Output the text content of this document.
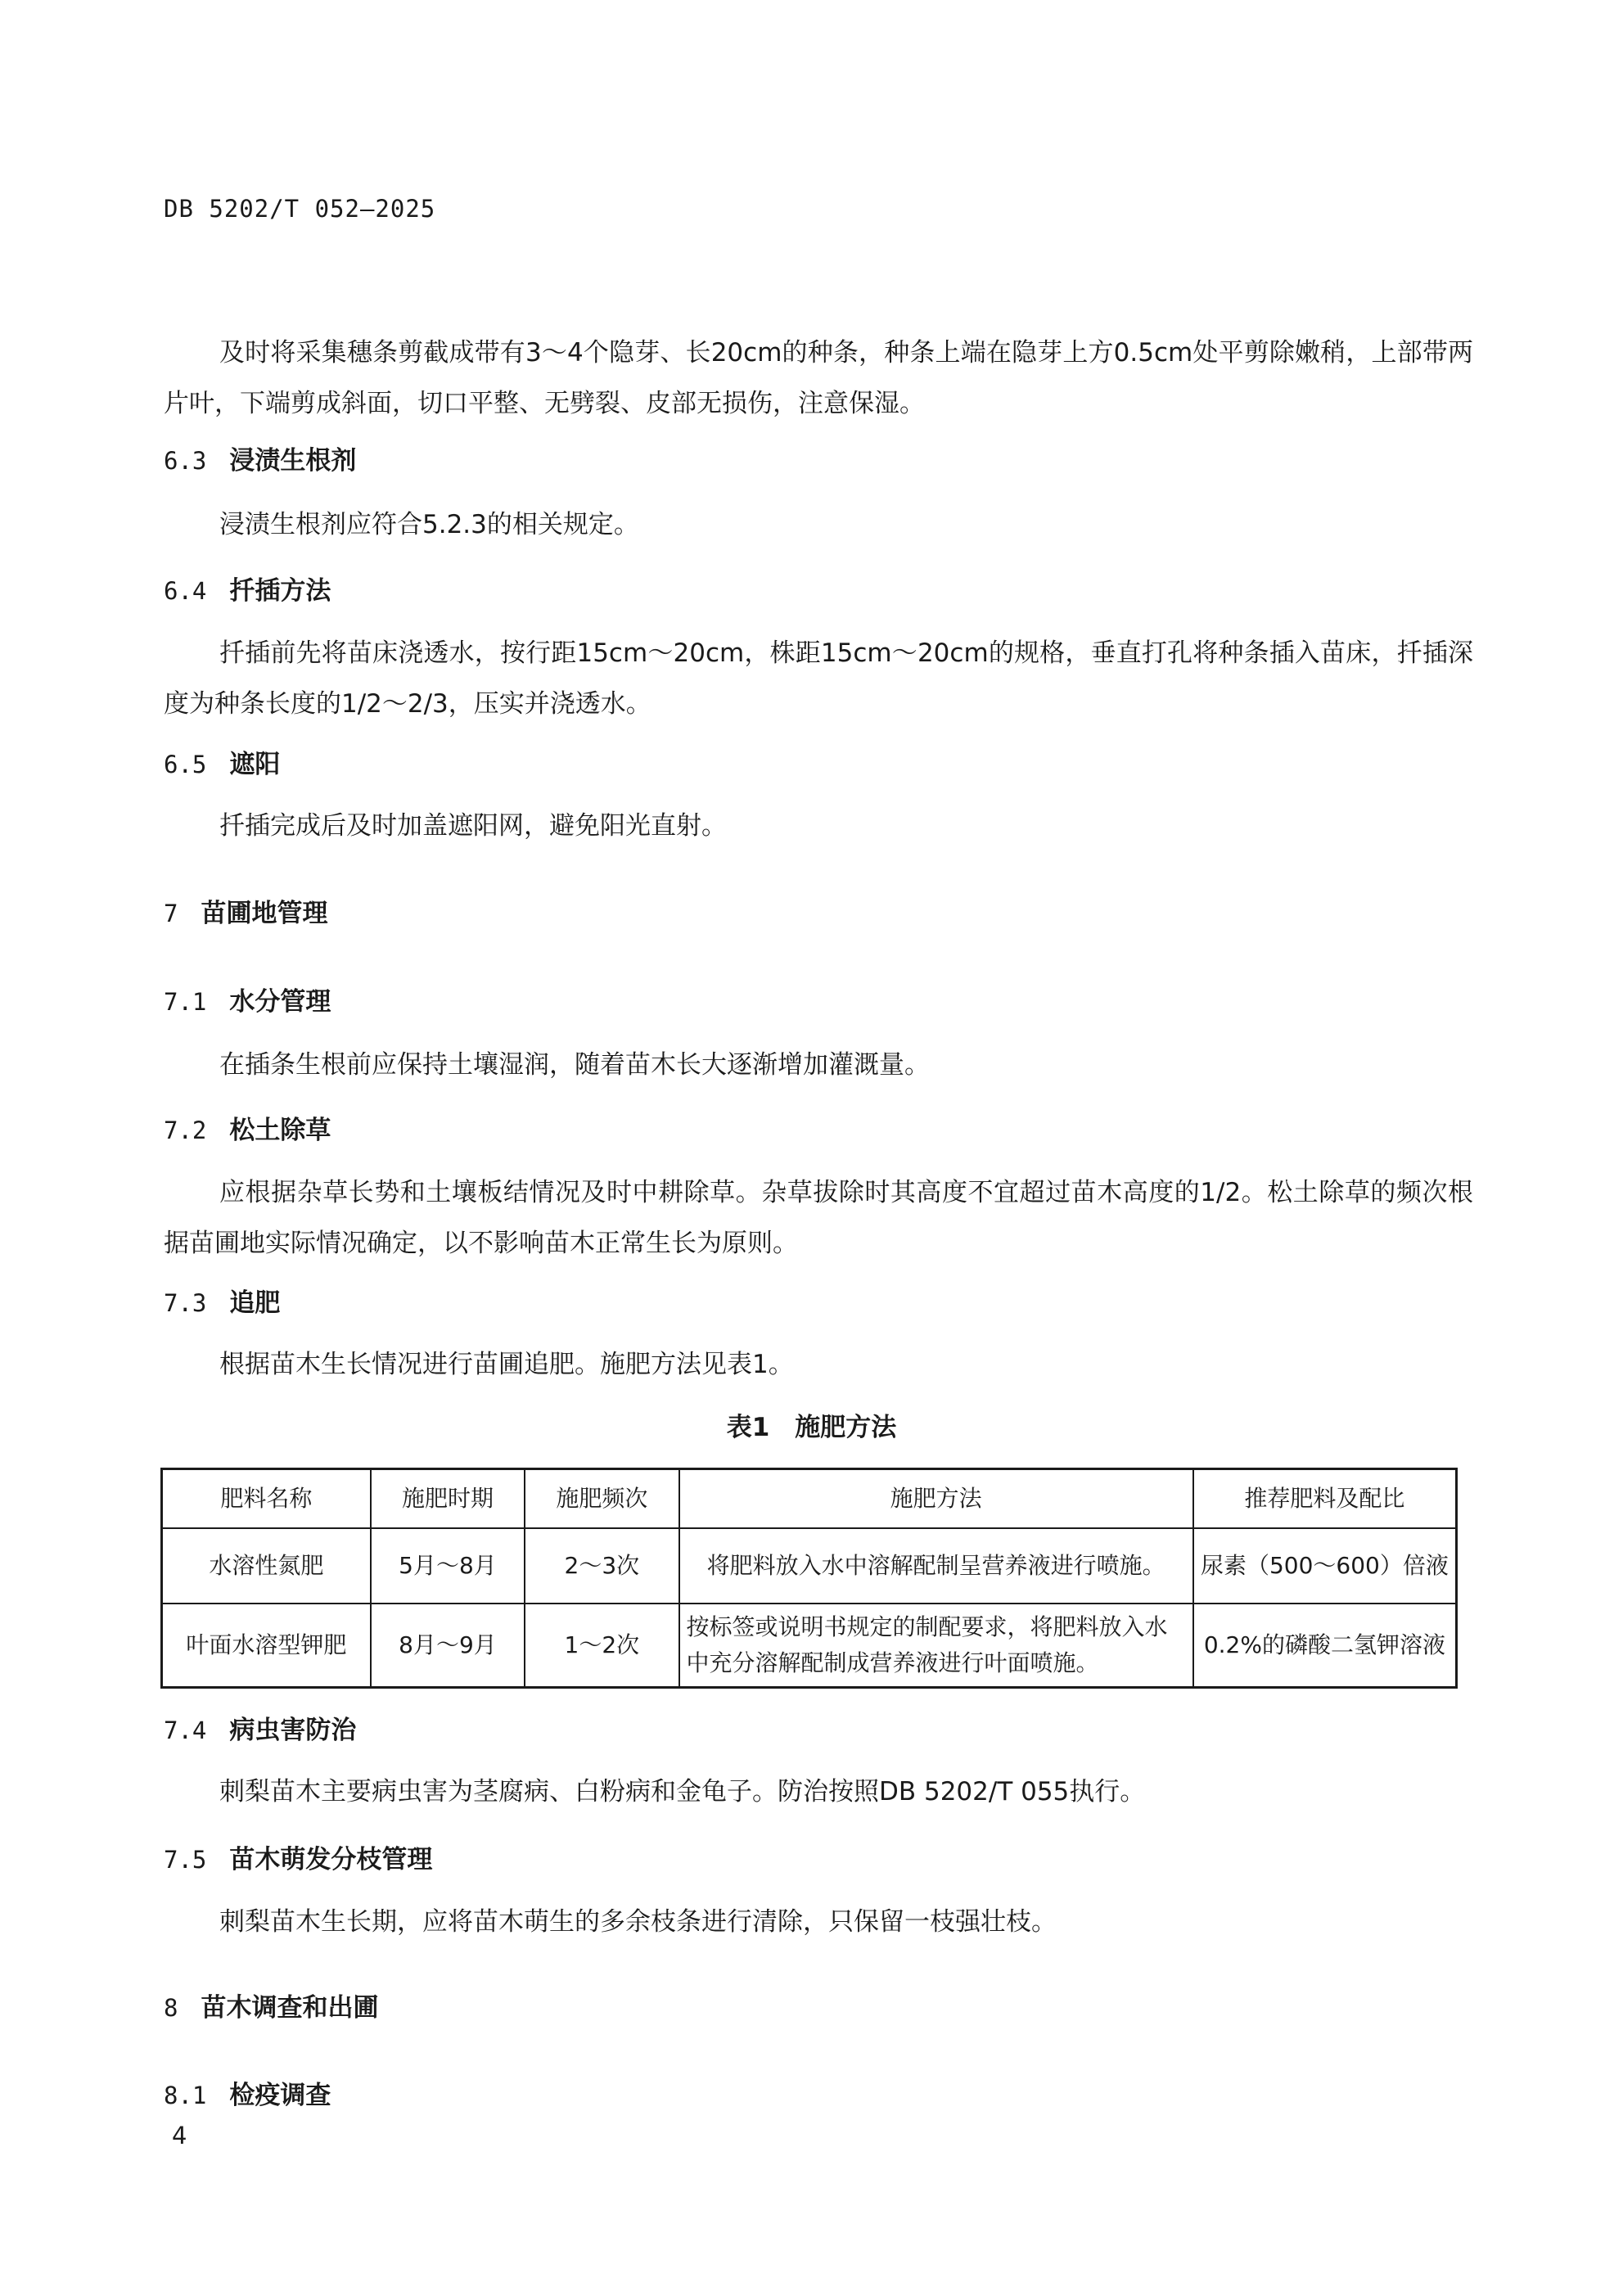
DB 5202/T 052—2025

及时将采集穗条剪截成带有3～4个隐芽、长20cm的种条，种条上端在隐芽上方0.5cm处平剪除嫩稍，上部带两片叶，下端剪成斜面，切口平整、无劈裂、皮部无损伤，注意保湿。

6.3 浸渍生根剂

浸渍生根剂应符合5.2.3的相关规定。

6.4 扦插方法

扦插前先将苗床浇透水，按行距15cm～20cm，株距15cm～20cm的规格，垂直打孔将种条插入苗床，扦插深度为种条长度的1/2～2/3，压实并浇透水。

6.5 遮阳

扦插完成后及时加盖遮阳网，避免阳光直射。

7 苗圃地管理
7.1 水分管理

在插条生根前应保持土壤湿润，随着苗木长大逐渐增加灌溉量。

7.2 松土除草

应根据杂草长势和土壤板结情况及时中耕除草。杂草拔除时其高度不宜超过苗木高度的1/2。松土除草的频次根据苗圃地实际情况确定，以不影响苗木正常生长为原则。

7.3 追肥

根据苗木生长情况进行苗圃追肥。施肥方法见表1。

表1　施肥方法
肥料名称	施肥时期	施肥频次	施肥方法	推荐肥料及配比
水溶性氮肥	5月～8月	2～3次	将肥料放入水中溶解配制呈营养液进行喷施。	尿素（500～600）倍液
叶面水溶型钾肥	8月～9月	1～2次	按标签或说明书规定的制配要求，将肥料放入水中充分溶解配制成营养液进行叶面喷施。	0.2%的磷酸二氢钾溶液
7.4 病虫害防治

刺梨苗木主要病虫害为茎腐病、白粉病和金龟子。防治按照DB 5202/T 055执行。

7.5 苗木萌发分枝管理

刺梨苗木生长期，应将苗木萌生的多余枝条进行清除，只保留一枝强壮枝。

8 苗木调查和出圃
8.1 检疫调查
4
